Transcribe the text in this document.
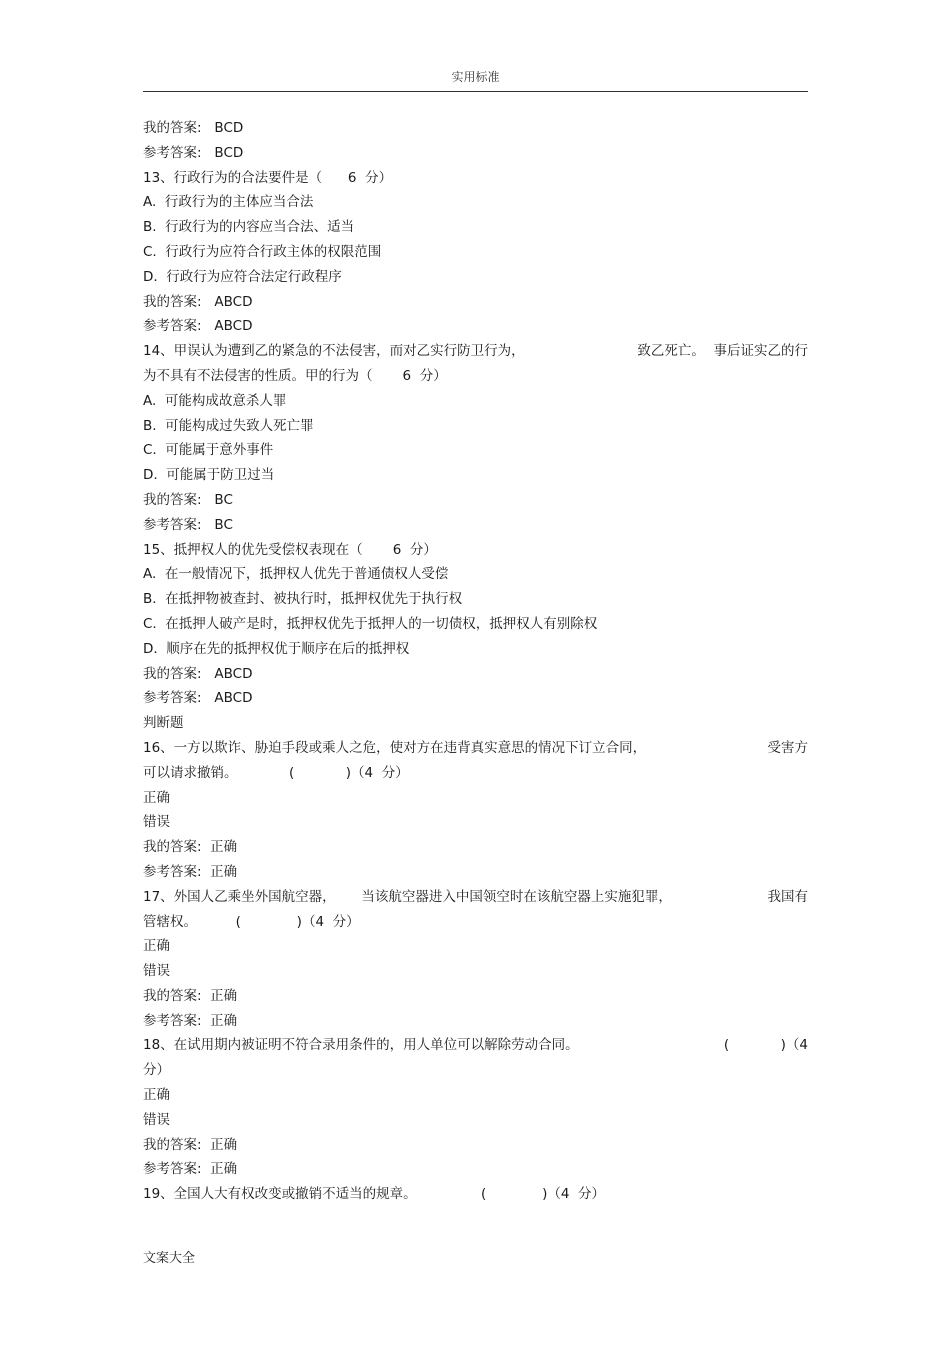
实用标准

我的答案:   BCD

参考答案:   BCD

13、行政行为的合法要件是（      6  分）

A.  行政行为的主体应当合法

B.  行政行为的内容应当合法、适当

C.  行政行为应符合行政主体的权限范围

D.  行政行为应符合法定行政程序

我的答案:   ABCD

参考答案:   ABCD

14、甲误认为遭到乙的紧急的不法侵害，而对乙实行防卫行为，	致乙死亡。  事后证实乙的行

为不具有不法侵害的性质。甲的行为（       6  分）

A.  可能构成故意杀人罪

B.  可能构成过失致人死亡罪

C.  可能属于意外事件

D.  可能属于防卫过当

我的答案:   BC

参考答案:   BC

15、抵押权人的优先受偿权表现在（       6  分）

A.  在一般情况下，抵押权人优先于普通债权人受偿

B.  在抵押物被查封、被执行时，抵押权优先于执行权

C.  在抵押人破产是时，抵押权优先于抵押人的一切债权，抵押权人有别除权

D.  顺序在先的抵押权优于顺序在后的抵押权

我的答案:   ABCD

参考答案:   ABCD

判断题

16、一方以欺诈、胁迫手段或乘人之危，使对方在违背真实意思的情况下订立合同，	受害方

可以请求撤销。            (            )（4  分）

正确

错误

我的答案:  正确

参考答案:  正确

17、外国人乙乘坐外国航空器，      当该航空器进入中国领空时在该航空器上实施犯罪，	我国有

管辖权。         (             )（4  分）

正确

错误

我的答案:  正确

参考答案:  正确

18、在试用期内被证明不符合录用条件的，用人单位可以解除劳动合同。	(            )（4

分）

正确

错误

我的答案:  正确

参考答案:  正确

19、全国人大有权改变或撤销不适当的规章。               (             )（4  分）

文案大全
